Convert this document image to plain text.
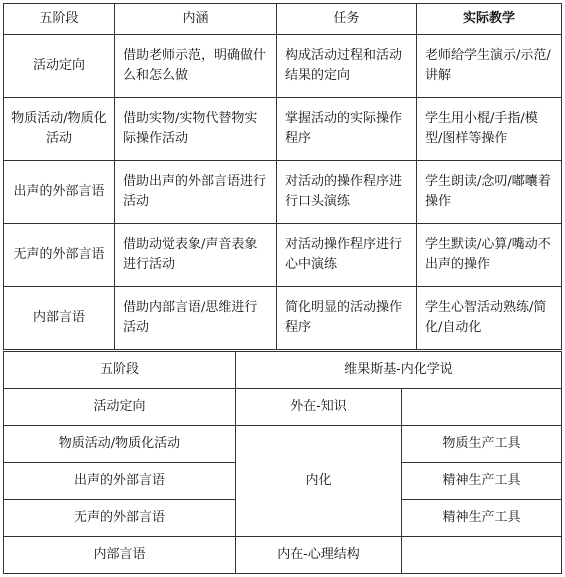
五阶段	内涵	任务	实际教学
活动定向	借助老师示范，明确做什么和怎么做	构成活动过程和活动结果的定向	老师给学生演示/示范/讲解
物质活动/物质化活动	借助实物/实物代替物实际操作活动	掌握活动的实际操作程序	学生用小棍/手指/模型/图样等操作
出声的外部言语	借助出声的外部言语进行活动	对活动的操作程序进行口头演练	学生朗读/念叨/嘟囔着操作
无声的外部言语	借助动觉表象/声音表象进行活动	对活动操作程序进行心中演练	学生默读/心算/嘴动不出声的操作
内部言语	借助内部言语/思维进行活动	简化明显的活动操作程序	学生心智活动熟练/简化/自动化
五阶段	维果斯基-内化学说	
活动定向	外在-知识	
物质活动/物质化活动	内化	物质生产工具
出声的外部言语		精神生产工具
无声的外部言语		精神生产工具
内部言语	内在-心理结构	
